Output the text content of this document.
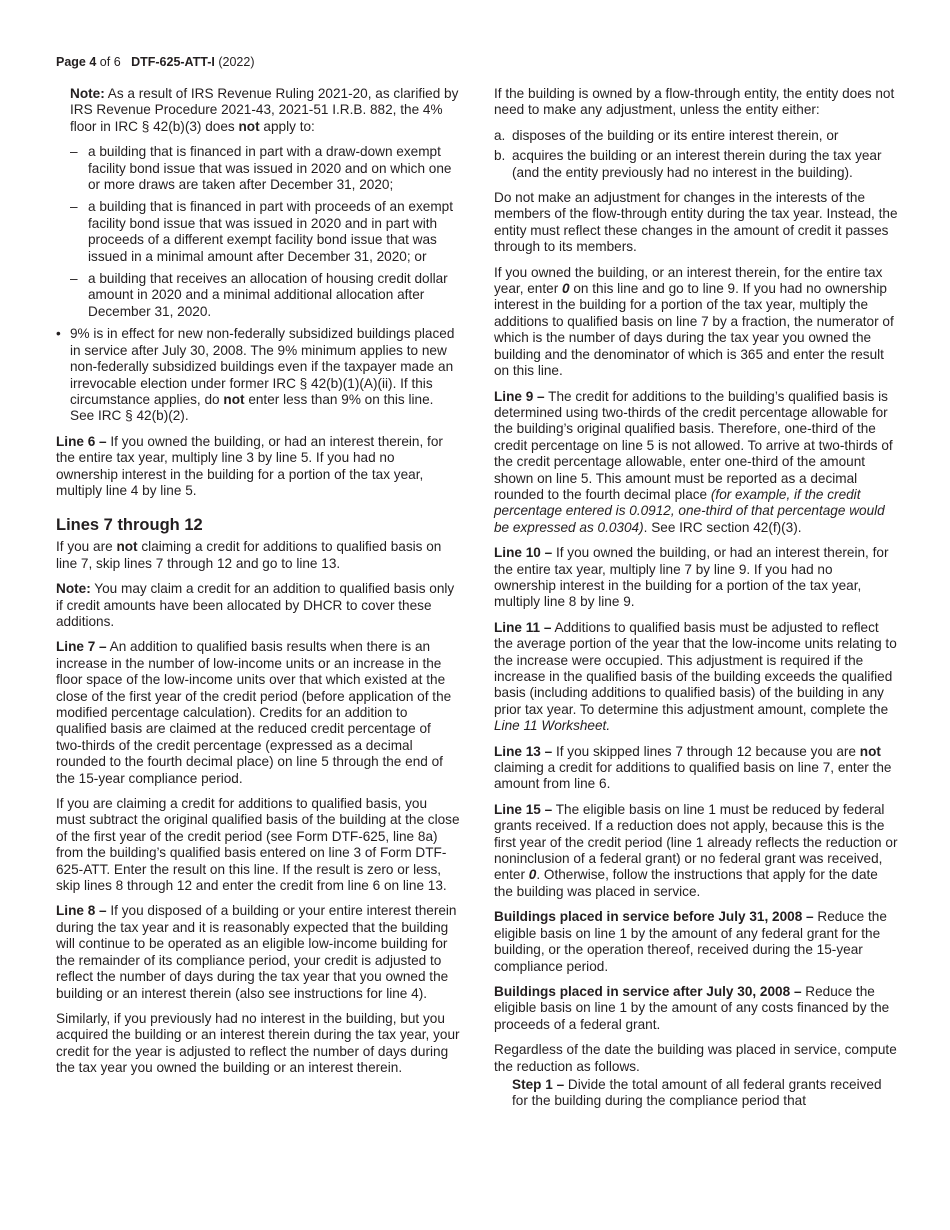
Page 4 of 6 DTF-625-ATT-I (2022)

Note: As a result of IRS Revenue Ruling 2021-20, as clarified by IRS Revenue Procedure 2021-43, 2021-51 I.R.B. 882, the 4% floor in IRC § 42(b)(3) does not apply to:

– a building that is financed in part with a draw-down exempt facility bond issue that was issued in 2020 and on which one or more draws are taken after December 31, 2020;
– a building that is financed in part with proceeds of an exempt facility bond issue that was issued in 2020 and in part with proceeds of a different exempt facility bond issue that was issued in a minimal amount after December 31, 2020; or
– a building that receives an allocation of housing credit dollar amount in 2020 and a minimal additional allocation after December 31, 2020.
• 9% is in effect for new non-federally subsidized buildings placed in service after July 30, 2008. The 9% minimum applies to new non-federally subsidized buildings even if the taxpayer made an irrevocable election under former IRC § 42(b)(1)(A)(ii). If this circumstance applies, do not enter less than 9% on this line. See IRC § 42(b)(2).

Line 6 – If you owned the building, or had an interest therein, for the entire tax year, multiply line 3 by line 5. If you had no ownership interest in the building for a portion of the tax year, multiply line 4 by line 5.

Lines 7 through 12

If you are not claiming a credit for additions to qualified basis on line 7, skip lines 7 through 12 and go to line 13.

Note: You may claim a credit for an addition to qualified basis only if credit amounts have been allocated by DHCR to cover these additions.

Line 7 – An addition to qualified basis results when there is an increase in the number of low-income units or an increase in the floor space of the low-income units over that which existed at the close of the first year of the credit period (before application of the modified percentage calculation). Credits for an addition to qualified basis are claimed at the reduced credit percentage of two-thirds of the credit percentage (expressed as a decimal rounded to the fourth decimal place) on line 5 through the end of the 15-year compliance period.

If you are claiming a credit for additions to qualified basis, you must subtract the original qualified basis of the building at the close of the first year of the credit period (see Form DTF-625, line 8a) from the building’s qualified basis entered on line 3 of Form DTF-625-ATT. Enter the result on this line. If the result is zero or less, skip lines 8 through 12 and enter the credit from line 6 on line 13.

Line 8 – If you disposed of a building or your entire interest therein during the tax year and it is reasonably expected that the building will continue to be operated as an eligible low-income building for the remainder of its compliance period, your credit is adjusted to reflect the number of days during the tax year that you owned the building or an interest therein (also see instructions for line 4).

Similarly, if you previously had no interest in the building, but you acquired the building or an interest therein during the tax year, your credit for the year is adjusted to reflect the number of days during the tax year you owned the building or an interest therein.

If the building is owned by a flow-through entity, the entity does not need to make any adjustment, unless the entity either:

a. disposes of the building or its entire interest therein, or
b. acquires the building or an interest therein during the tax year (and the entity previously had no interest in the building).

Do not make an adjustment for changes in the interests of the members of the flow-through entity during the tax year. Instead, the entity must reflect these changes in the amount of credit it passes through to its members.

If you owned the building, or an interest therein, for the entire tax year, enter 0 on this line and go to line 9. If you had no ownership interest in the building for a portion of the tax year, multiply the additions to qualified basis on line 7 by a fraction, the numerator of which is the number of days during the tax year you owned the building and the denominator of which is 365 and enter the result on this line.

Line 9 – The credit for additions to the building’s qualified basis is determined using two-thirds of the credit percentage allowable for the building’s original qualified basis. Therefore, one-third of the credit percentage on line 5 is not allowed. To arrive at two-thirds of the credit percentage allowable, enter one-third of the amount shown on line 5. This amount must be reported as a decimal rounded to the fourth decimal place (for example, if the credit percentage entered is 0.0912, one-third of that percentage would be expressed as 0.0304). See IRC section 42(f)(3).

Line 10 – If you owned the building, or had an interest therein, for the entire tax year, multiply line 7 by line 9. If you had no ownership interest in the building for a portion of the tax year, multiply line 8 by line 9.

Line 11 – Additions to qualified basis must be adjusted to reflect the average portion of the year that the low-income units relating to the increase were occupied. This adjustment is required if the increase in the qualified basis of the building exceeds the qualified basis (including additions to qualified basis) of the building in any prior tax year. To determine this adjustment amount, complete the Line 11 Worksheet.

Line 13 – If you skipped lines 7 through 12 because you are not claiming a credit for additions to qualified basis on line 7, enter the amount from line 6.

Line 15 – The eligible basis on line 1 must be reduced by federal grants received. If a reduction does not apply, because this is the first year of the credit period (line 1 already reflects the reduction or noninclusion of a federal grant) or no federal grant was received, enter 0. Otherwise, follow the instructions that apply for the date the building was placed in service.

Buildings placed in service before July 31, 2008 – Reduce the eligible basis on line 1 by the amount of any federal grant for the building, or the operation thereof, received during the 15-year compliance period.

Buildings placed in service after July 30, 2008 – Reduce the eligible basis on line 1 by the amount of any costs financed by the proceeds of a federal grant.

Regardless of the date the building was placed in service, compute the reduction as follows.

Step 1 – Divide the total amount of all federal grants received for the building during the compliance period that
